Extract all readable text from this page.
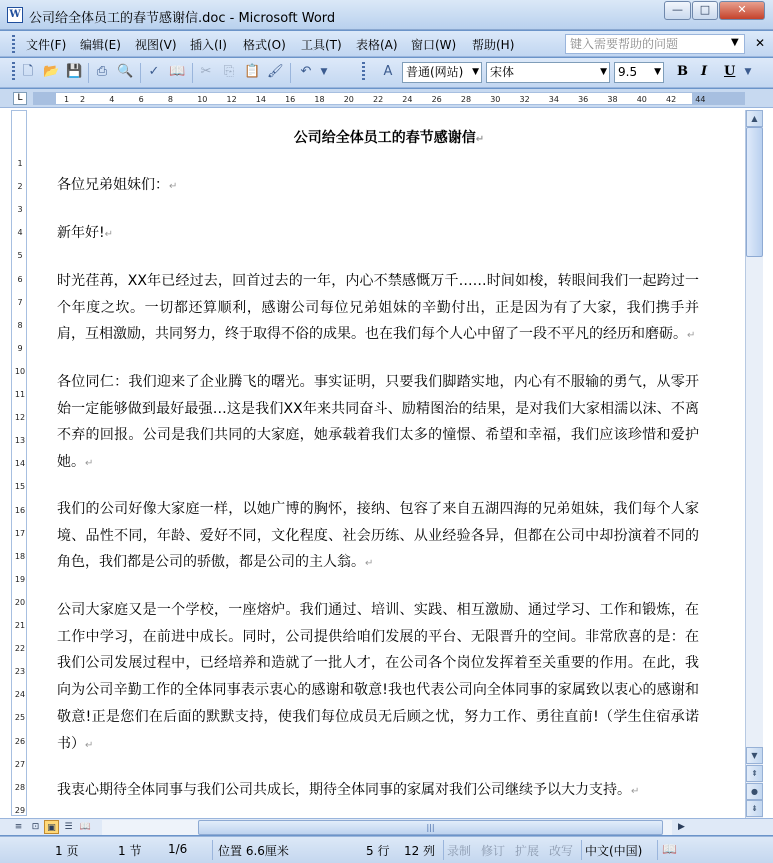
W 公司给全体员工的春节感谢信.doc - Microsoft Word
—	□	✕
文件(F) 编辑(E) 视图(V) 插入(I) 格式(O) 工具(T) 表格(A) 窗口(W) 帮助(H)	键入需要帮助的问题	▼ ✕
🗋 📂 💾 ⎙ 🔍 ✓ 📖 ✂ ⎘ 📋 🖌 ↶	▼	A	普通(网站) ▼ 宋体	▼ 9.5 ▼ B I U	▼
L	1 2	4	6	8	10 12 14 16 18 20 22 24 26 28 30 32 34 36 38 40 42 44
1
2
3
4
5
6
7
8
9
10
11
12
13
14
15
16
17
18
19
20
21
22
23
24
25
26
27
28
29
公司给全体员工的春节感谢信↵
各位兄弟姐妹们：↵
新年好!↵
时光荏苒，XX年已经过去，回首过去的一年，内心不禁感慨万千……时间如梭，转眼间我们一起跨过一个年度之坎。一切都还算顺利，感谢公司每位兄弟姐妹的辛勤付出，正是因为有了大家，我们携手并肩，互相激励，共同努力，终于取得不俗的成果。也在我们每个人心中留了一段不平凡的经历和磨砺。↵
各位同仁：我们迎来了企业腾飞的曙光。事实证明，只要我们脚踏实地，内心有不服输的勇气，从零开始一定能够做到最好最强…这是我们XX年来共同奋斗、励精图治的结果，是对我们大家相濡以沫、不离不弃的回报。公司是我们共同的大家庭，她承载着我们太多的憧憬、希望和幸福，我们应该珍惜和爱护她。↵
我们的公司好像大家庭一样，以她广博的胸怀，接纳、包容了来自五湖四海的兄弟姐妹，我们每个人家境、品性不同，年龄、爱好不同，文化程度、社会历练、从业经验各异，但都在公司中却扮演着不同的角色，我们都是公司的骄傲，都是公司的主人翁。↵
公司大家庭又是一个学校，一座熔炉。我们通过、培训、实践、相互激励、通过学习、工作和锻炼，在工作中学习，在前进中成长。同时，公司提供给咱们发展的平台、无限晋升的空间。非常欣喜的是：在我们公司发展过程中，已经培养和造就了一批人才，在公司各个岗位发挥着至关重要的作用。在此，我向为公司辛勤工作的全体同事表示衷心的感谢和敬意!我也代表公司向全体同事的家属致以衷心的感谢和敬意!正是您们在后面的默默支持，使我们每位成员无后顾之忧，努力工作、勇往直前!（学生住宿承诺书）↵
我衷心期待全体同事与我们公司共成长，期待全体同事的家属对我们公司继续予以大力支持。↵
▲
▼
⇞
●
⇟
≡	⊡ ▣ ☰ 📖	|||	▶
1 页	1 节 1/6	位置 6.6厘米	5 行 12 列 录制 修订 扩展 改写 中文(中国) 📖
